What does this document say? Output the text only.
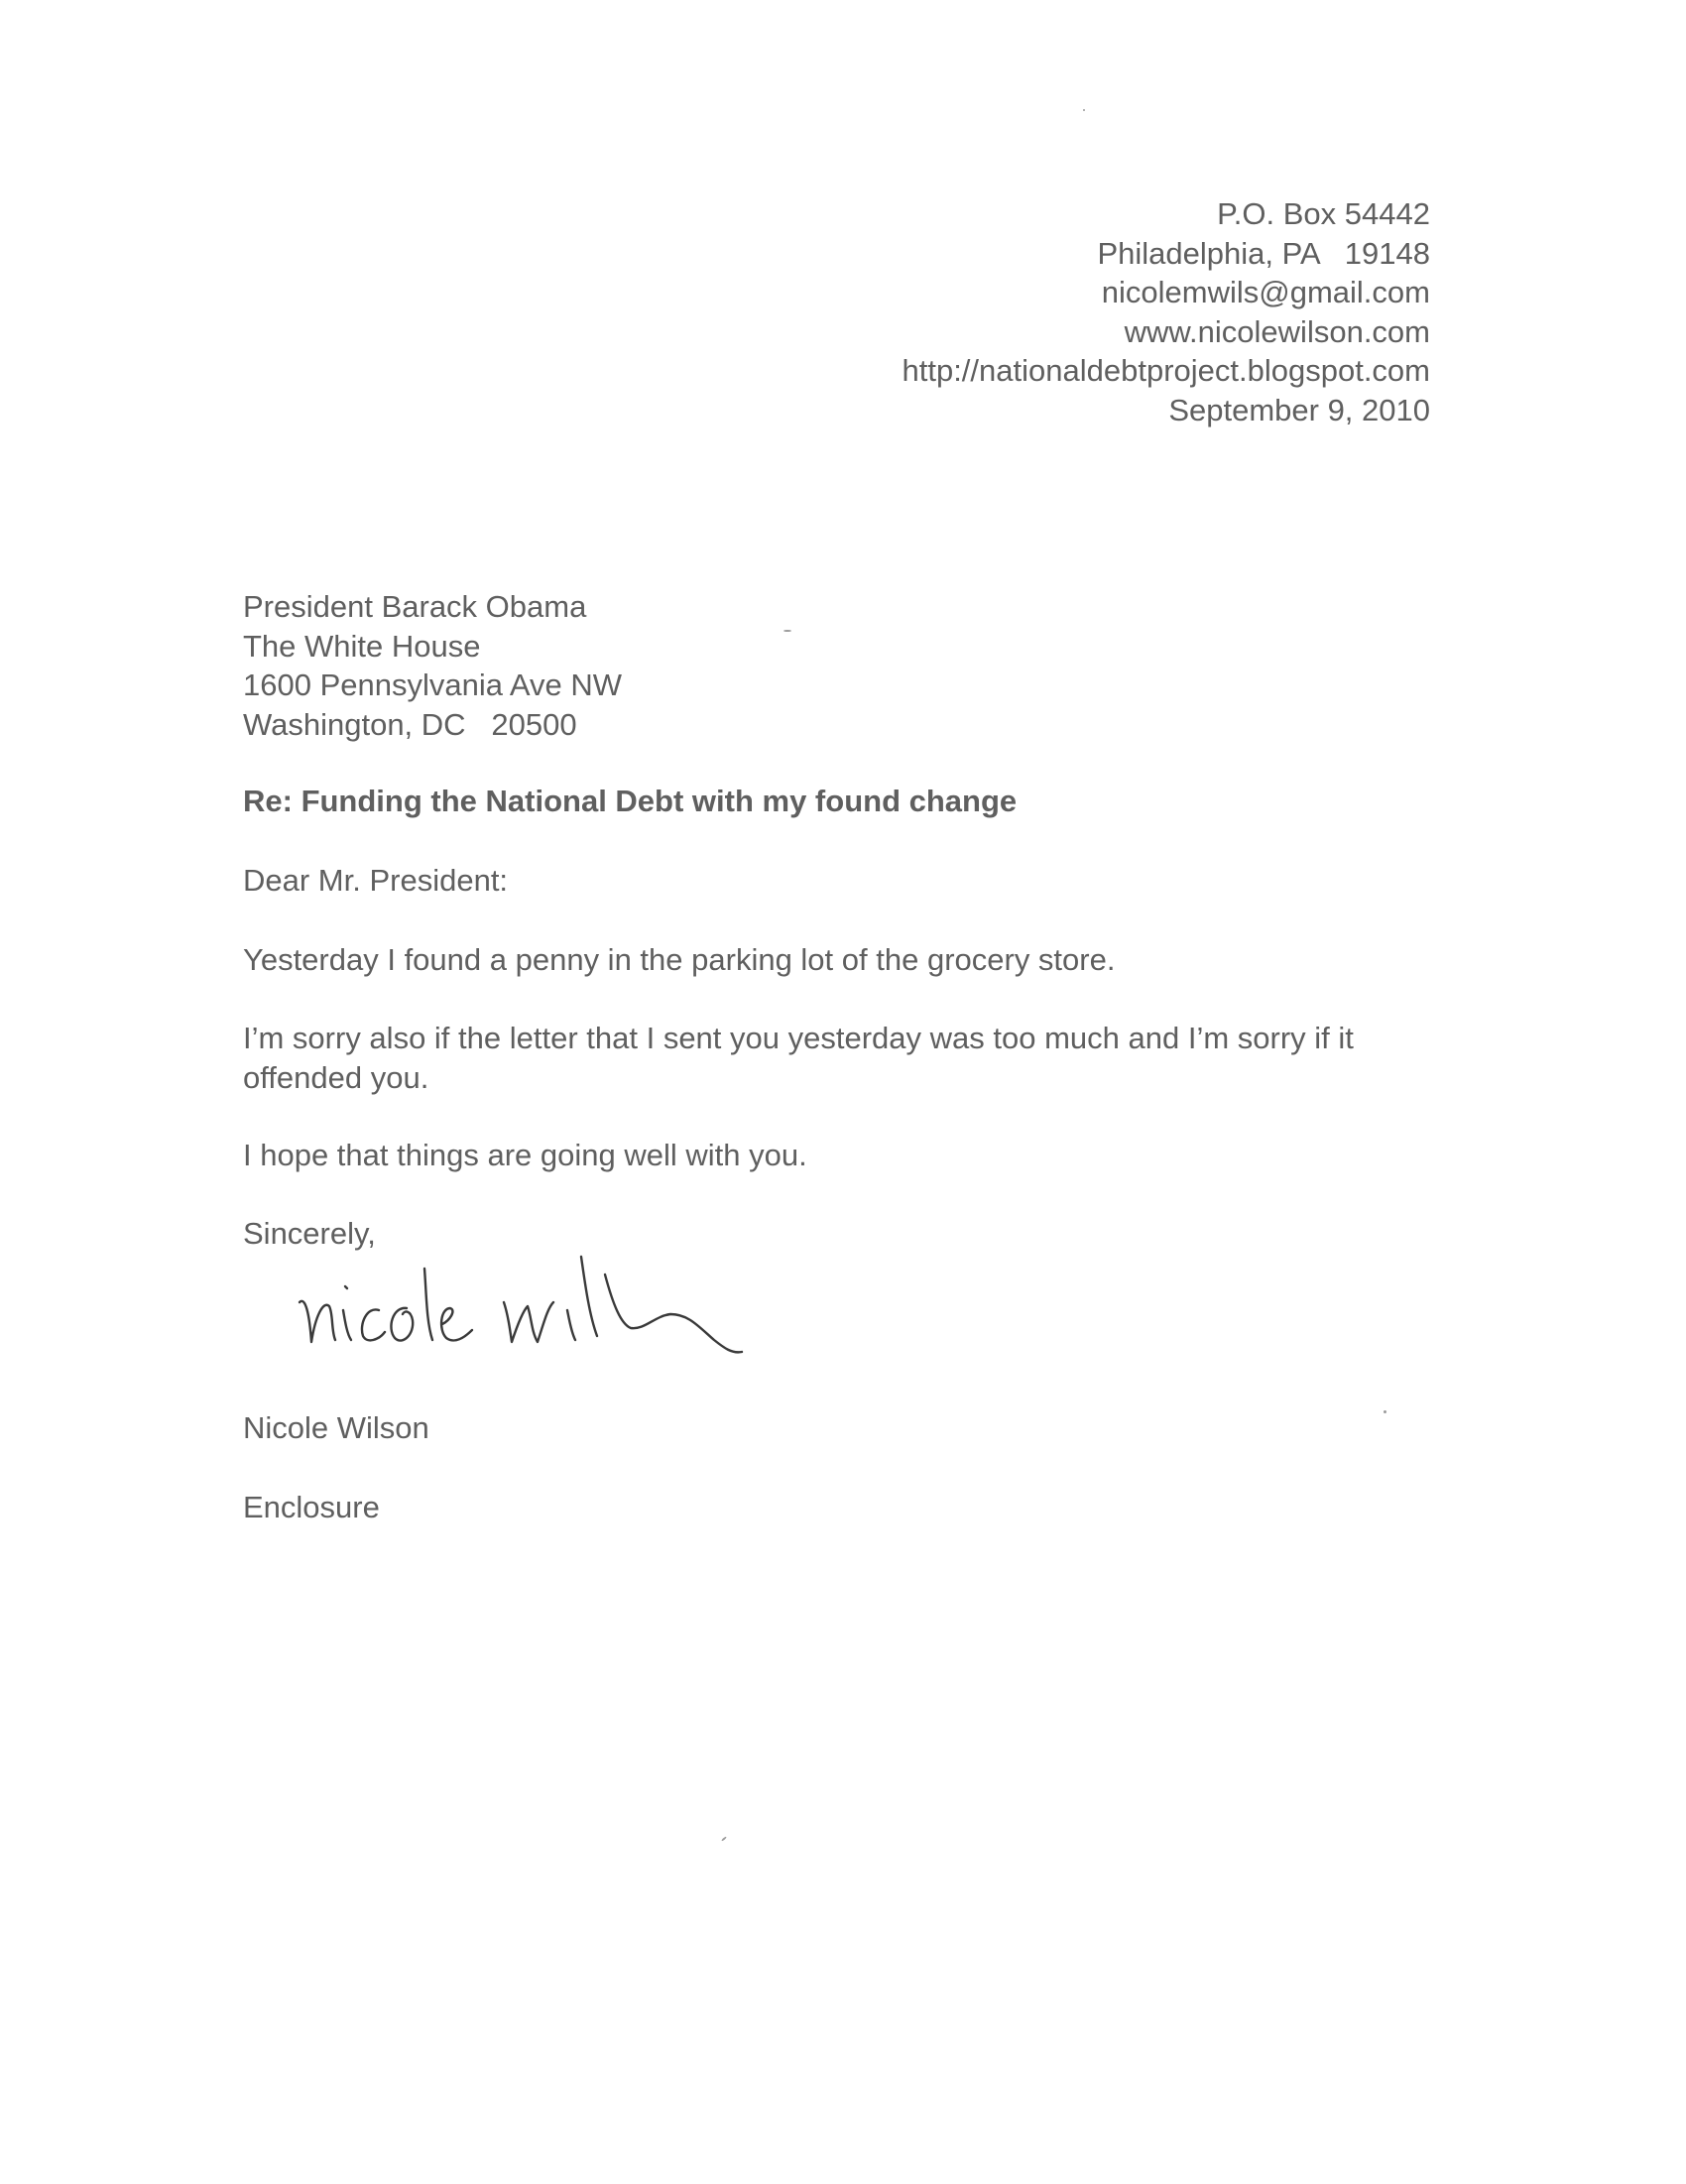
P.O. Box 54442
Philadelphia, PA   19148
nicolemwils@gmail.com
www.nicolewilson.com
http://nationaldebtproject.blogspot.com
September 9, 2010
President Barack Obama
The White House
1600 Pennsylvania Ave NW
Washington, DC   20500
Re: Funding the National Debt with my found change
Dear Mr. President:
Yesterday I found a penny in the parking lot of the grocery store.
I’m sorry also if the letter that I sent you yesterday was too much and I’m sorry if it offended you.
I hope that things are going well with you.
Sincerely,
Nicole Wilson
Enclosure
